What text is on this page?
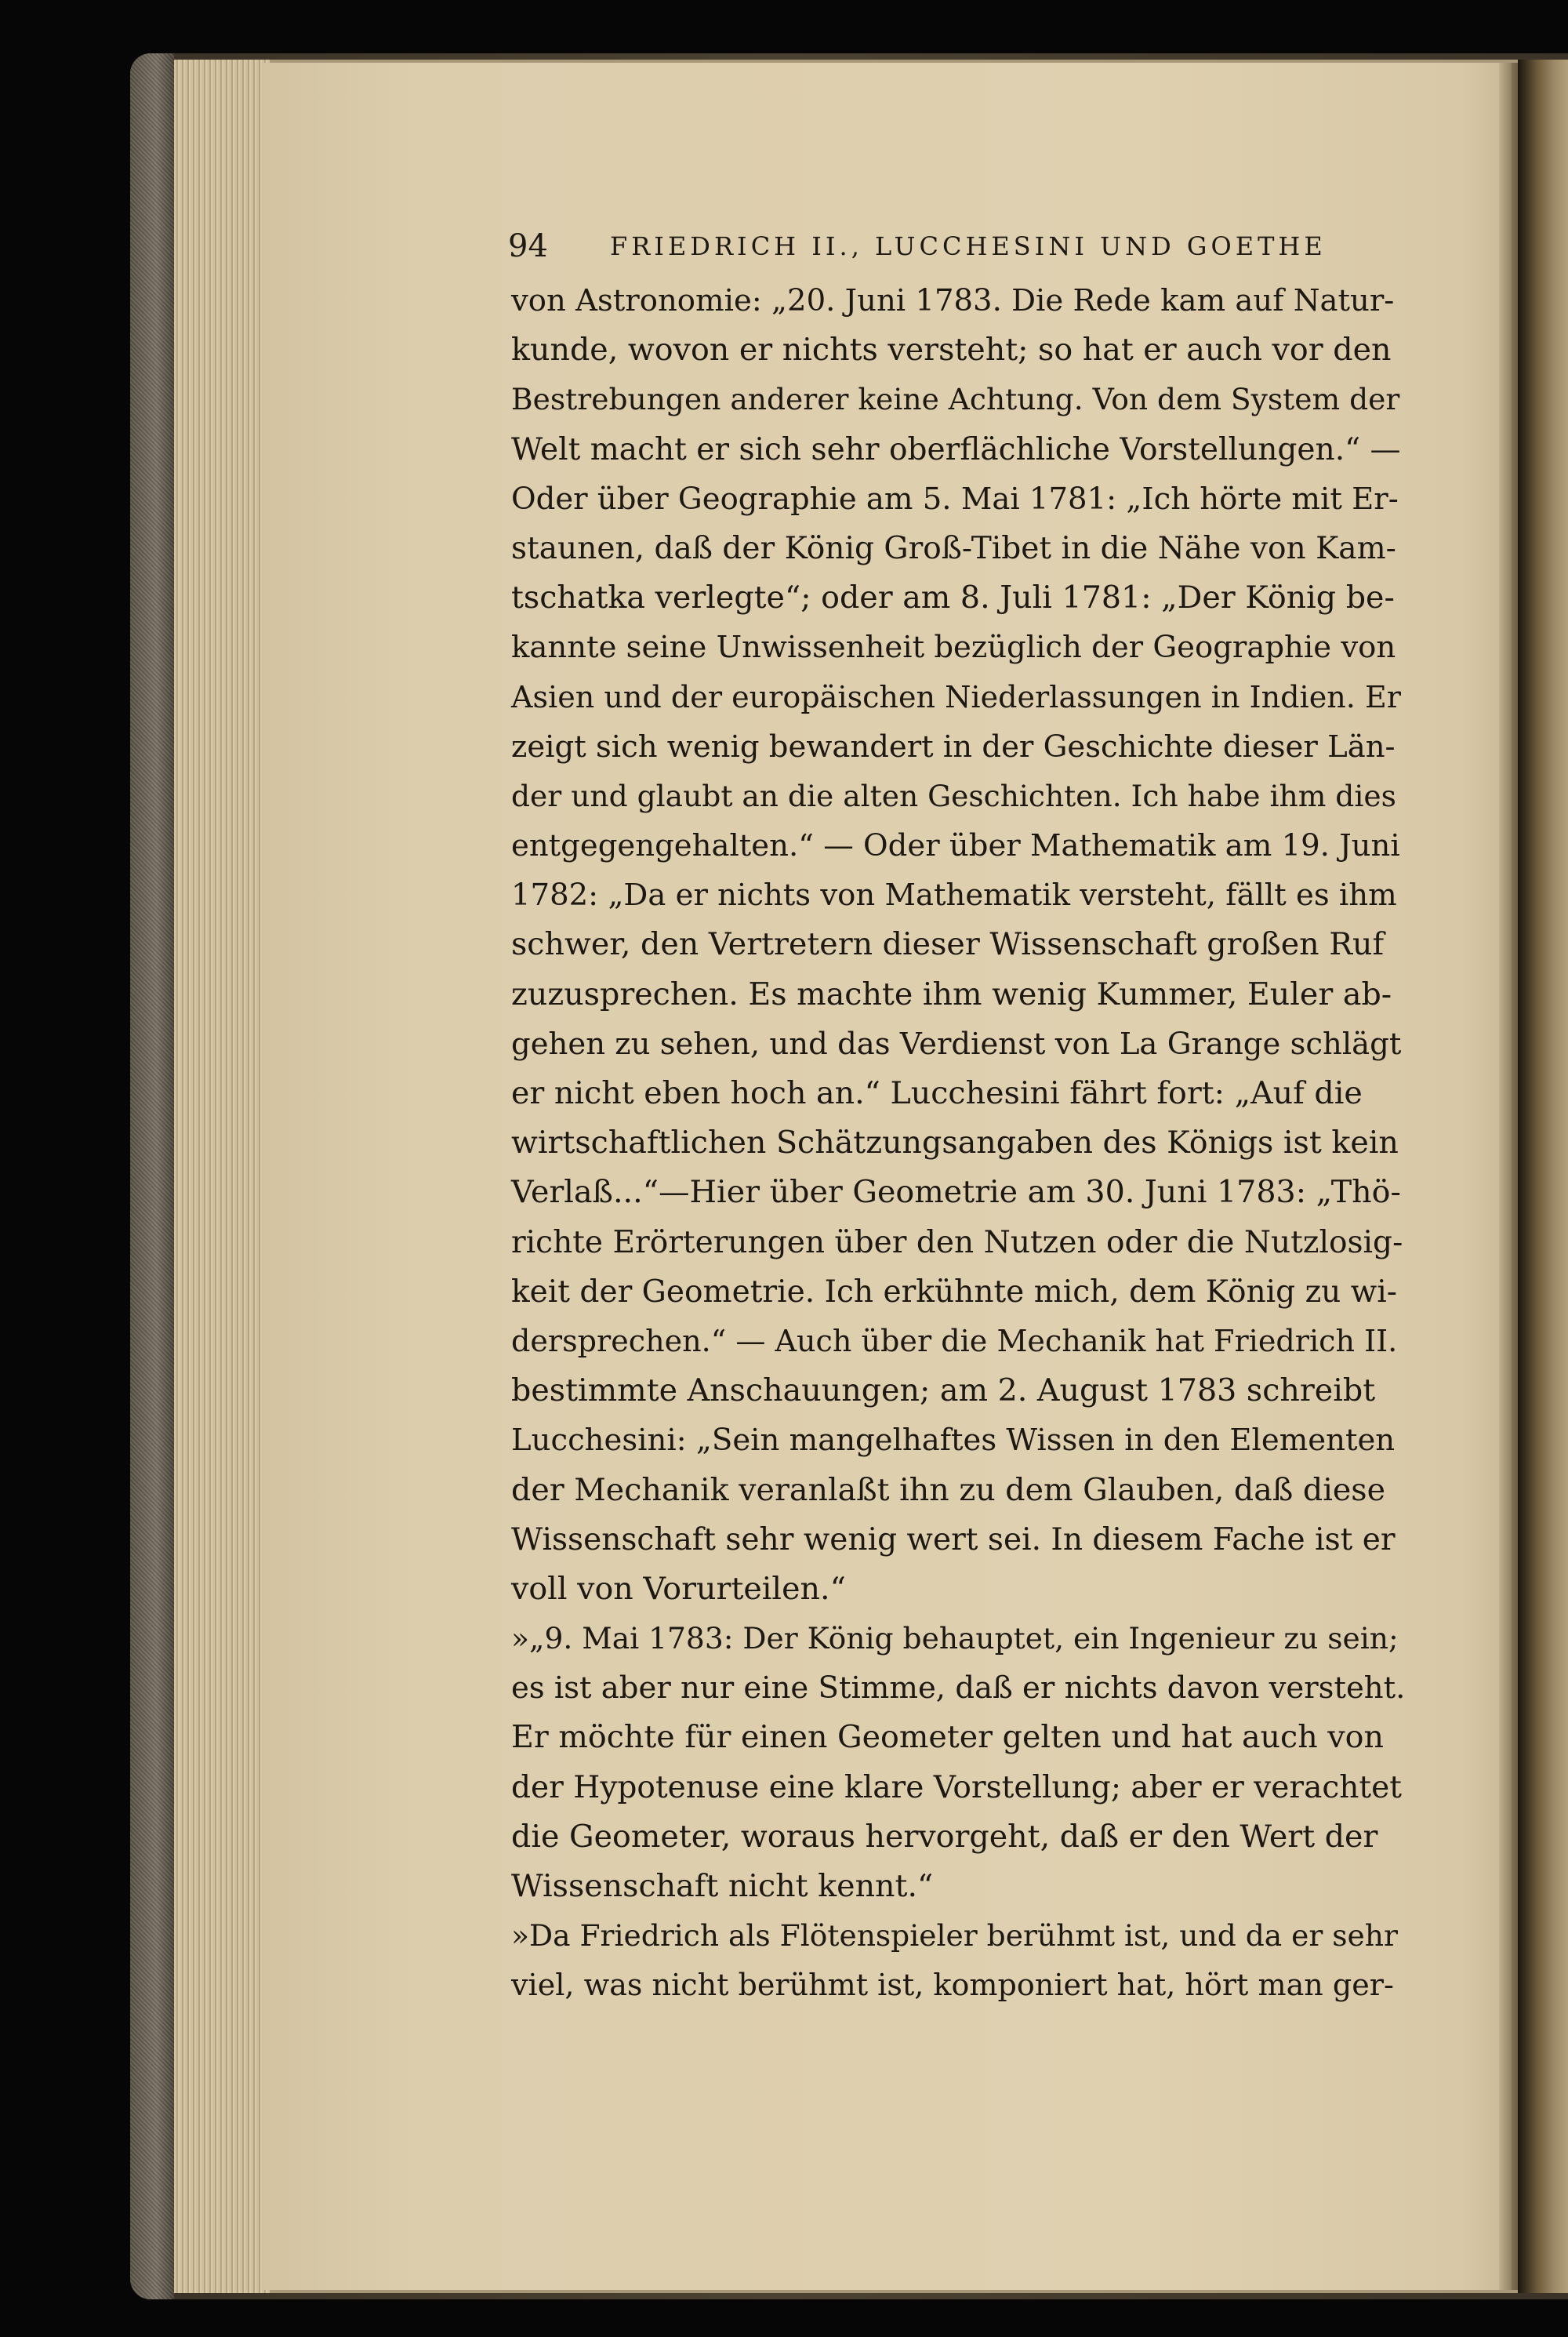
94 FRIEDRICH II., LUCCHESINI UND GOETHE
von Astronomie: „20. Juni 1783. Die Rede kam auf Natur-
kunde, wovon er nichts versteht; so hat er auch vor den
Bestrebungen anderer keine Achtung. Von dem System der
Welt macht er sich sehr oberflächliche Vorstellungen.“ —
Oder über Geographie am 5. Mai 1781: „Ich hörte mit Er-
staunen, daß der König Groß-Tibet in die Nähe von Kam-
tschatka verlegte“; oder am 8. Juli 1781: „Der König be-
kannte seine Unwissenheit bezüglich der Geographie von
Asien und der europäischen Niederlassungen in Indien. Er
zeigt sich wenig bewandert in der Geschichte dieser Län-
der und glaubt an die alten Geschichten. Ich habe ihm dies
entgegengehalten.“ — Oder über Mathematik am 19. Juni
1782: „Da er nichts von Mathematik versteht, fällt es ihm
schwer, den Vertretern dieser Wissenschaft großen Ruf
zuzusprechen. Es machte ihm wenig Kummer, Euler ab-
gehen zu sehen, und das Verdienst von La Grange schlägt
er nicht eben hoch an.“ Lucchesini fährt fort: „Auf die
wirtschaftlichen Schätzungsangaben des Königs ist kein
Verlaß...“—Hier über Geometrie am 30. Juni 1783: „Thö-
richte Erörterungen über den Nutzen oder die Nutzlosig-
keit der Geometrie. Ich erkühnte mich, dem König zu wi-
dersprechen.“ — Auch über die Mechanik hat Friedrich II.
bestimmte Anschauungen; am 2. August 1783 schreibt
Lucchesini: „Sein mangelhaftes Wissen in den Elementen
der Mechanik veranlaßt ihn zu dem Glauben, daß diese
Wissenschaft sehr wenig wert sei. In diesem Fache ist er
voll von Vorurteilen.“
»„9. Mai 1783: Der König behauptet, ein Ingenieur zu sein;
es ist aber nur eine Stimme, daß er nichts davon versteht.
Er möchte für einen Geometer gelten und hat auch von
der Hypotenuse eine klare Vorstellung; aber er verachtet
die Geometer, woraus hervorgeht, daß er den Wert der
Wissenschaft nicht kennt.“
»Da Friedrich als Flötenspieler berühmt ist, und da er sehr
viel, was nicht berühmt ist, komponiert hat, hört man ger-
